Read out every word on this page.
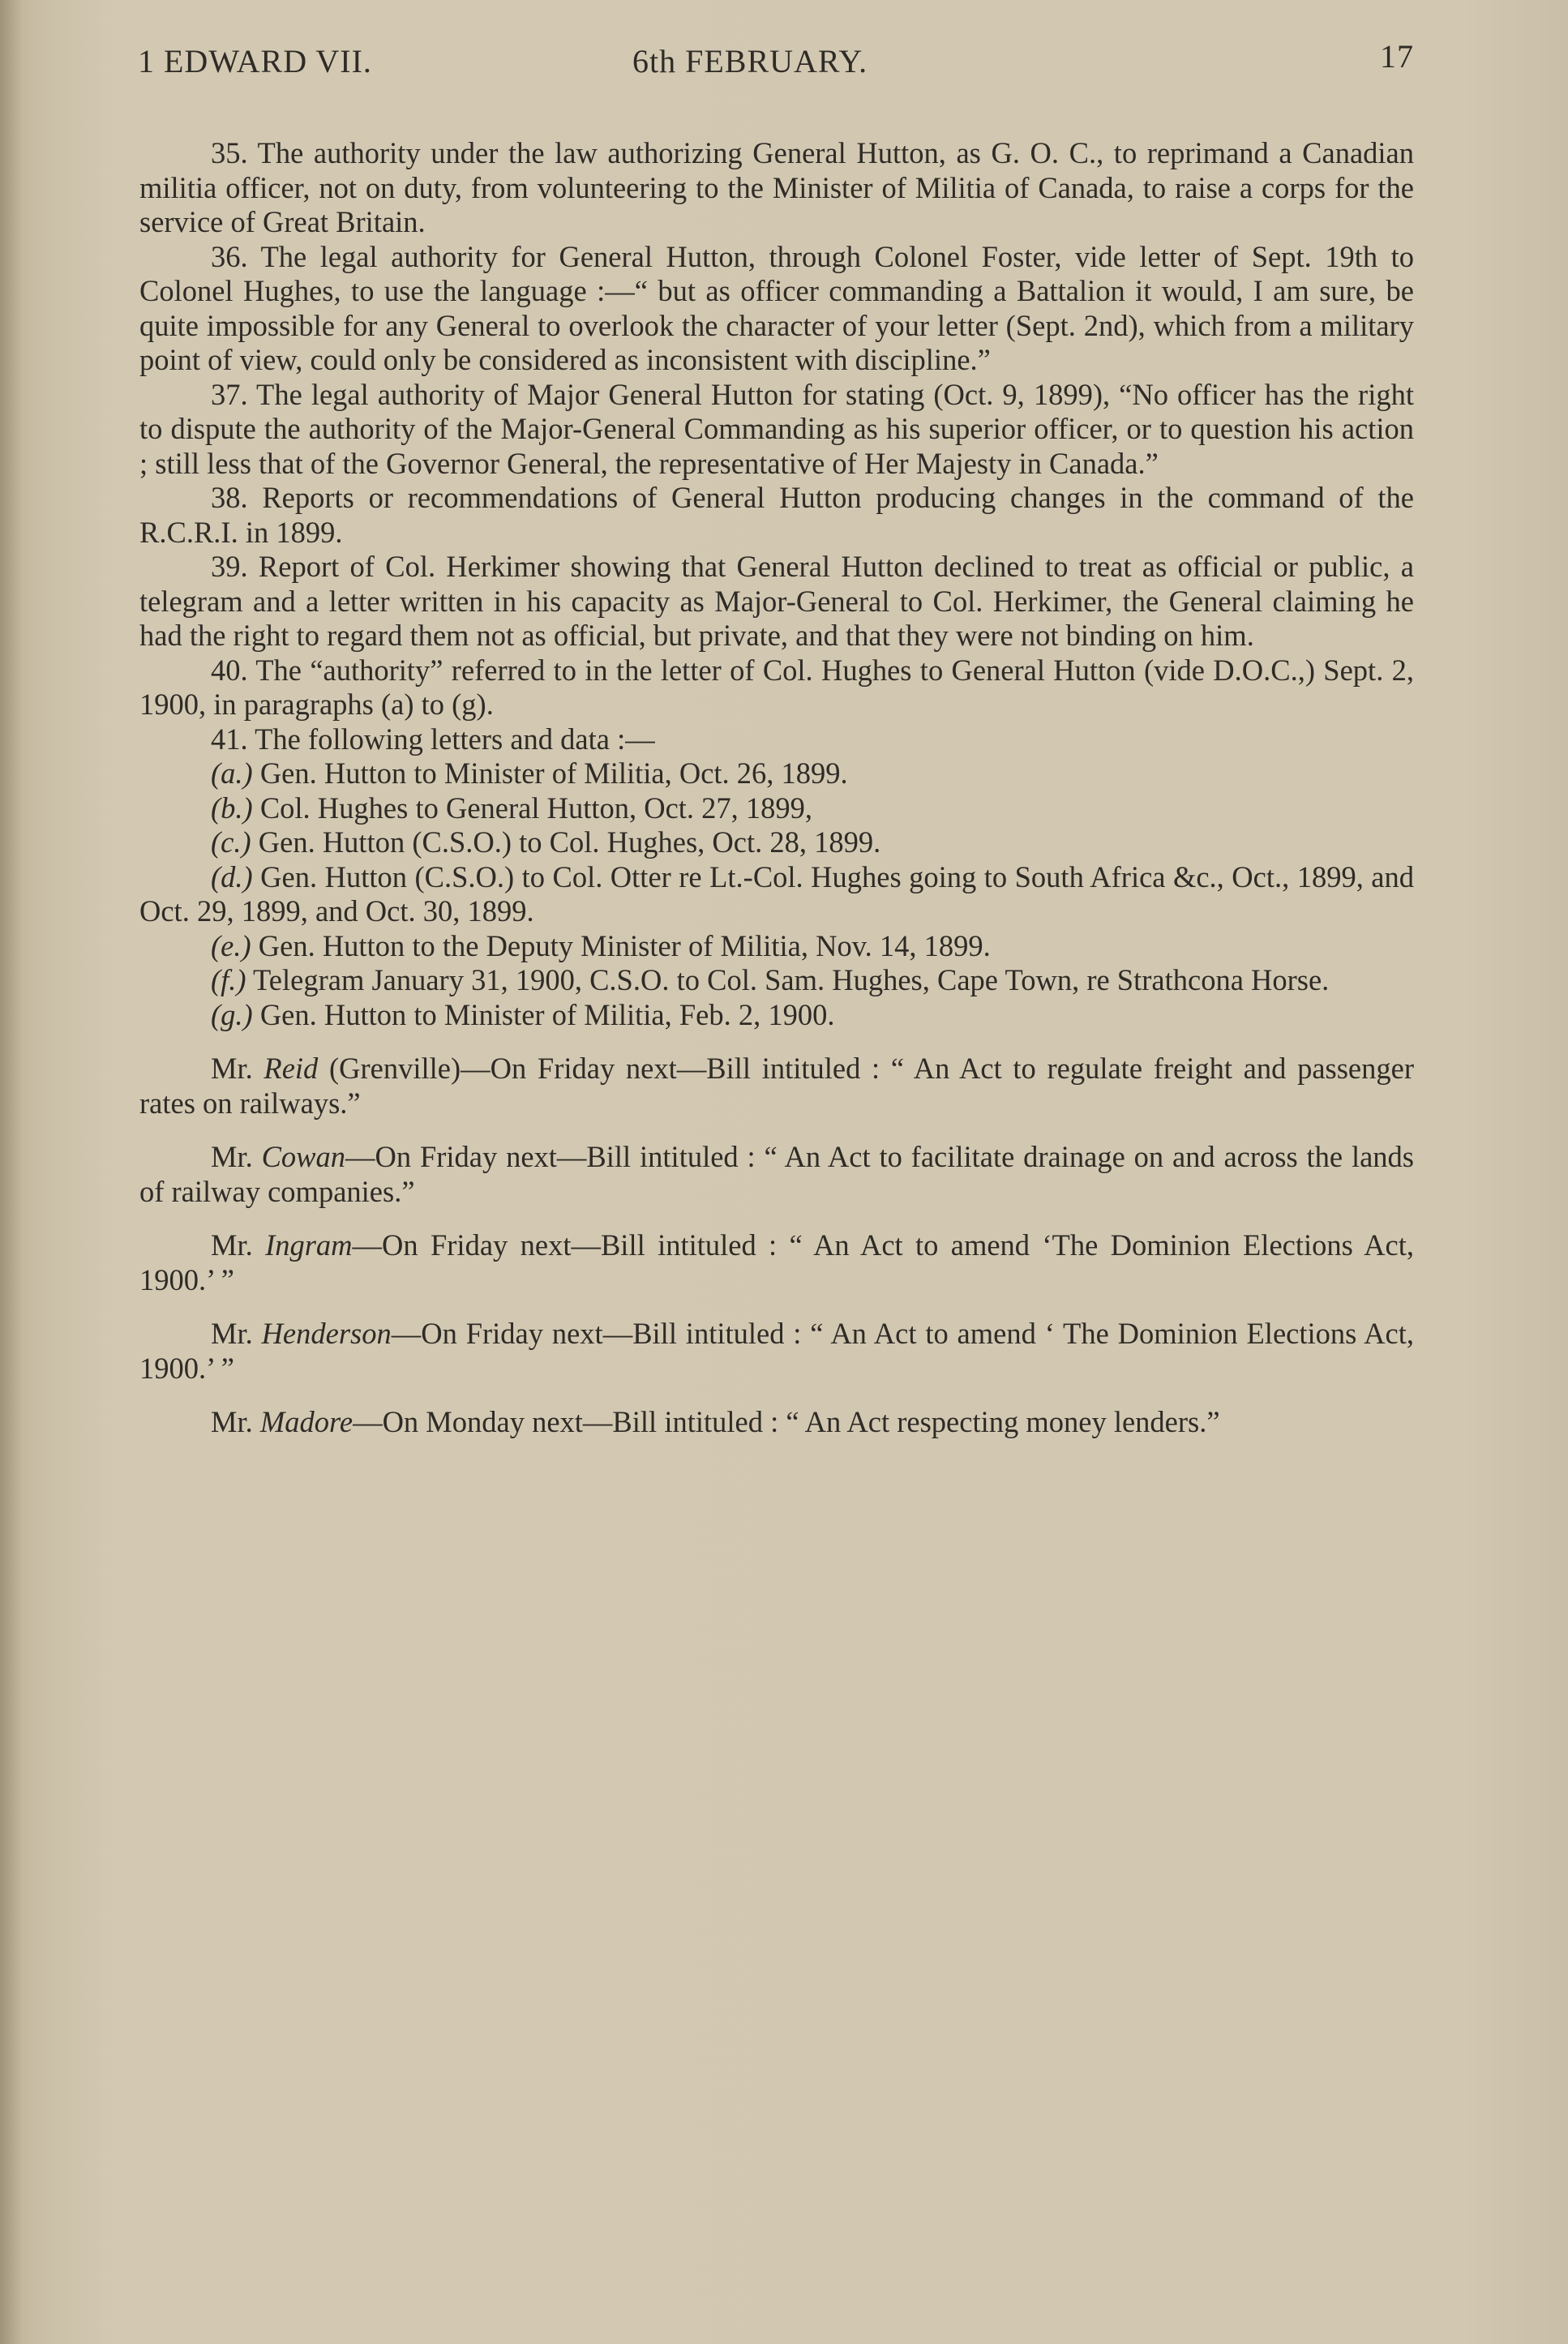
1 EDWARD VII.	6th FEBRUARY.	17

35. The authority under the law authorizing General Hutton, as G. O. C., to reprimand a Canadian militia officer, not on duty, from volunteering to the Minister of Militia of Canada, to raise a corps for the service of Great Britain.

36. The legal authority for General Hutton, through Colonel Foster, vide letter of Sept. 19th to Colonel Hughes, to use the language :—“ but as officer commanding a Battalion it would, I am sure, be quite impossible for any General to overlook the character of your letter (Sept. 2nd), which from a military point of view, could only be considered as inconsistent with discipline.”

37. The legal authority of Major General Hutton for stating (Oct. 9, 1899), “No officer has the right to dispute the authority of the Major-General Commanding as his superior officer, or to question his action ; still less that of the Governor General, the representative of Her Majesty in Canada.”

38. Reports or recommendations of General Hutton producing changes in the command of the R.C.R.I. in 1899.

39. Report of Col. Herkimer showing that General Hutton declined to treat as official or public, a telegram and a letter written in his capacity as Major-General to Col. Herkimer, the General claiming he had the right to regard them not as official, but private, and that they were not binding on him.

40. The “authority” referred to in the letter of Col. Hughes to General Hutton (vide D.O.C.,) Sept. 2, 1900, in paragraphs (a) to (g).

41. The following letters and data :—

(a.) Gen. Hutton to Minister of Militia, Oct. 26, 1899.

(b.) Col. Hughes to General Hutton, Oct. 27, 1899,

(c.) Gen. Hutton (C.S.O.) to Col. Hughes, Oct. 28, 1899.

(d.) Gen. Hutton (C.S.O.) to Col. Otter re Lt.-Col. Hughes going to South Africa &c., Oct., 1899, and Oct. 29, 1899, and Oct. 30, 1899.

(e.) Gen. Hutton to the Deputy Minister of Militia, Nov. 14, 1899.

(f.) Telegram January 31, 1900, C.S.O. to Col. Sam. Hughes, Cape Town, re Strathcona Horse.

(g.) Gen. Hutton to Minister of Militia, Feb. 2, 1900.

Mr. Reid (Grenville)—On Friday next—Bill intituled : “ An Act to regulate freight and passenger rates on railways.”

Mr. Cowan—On Friday next—Bill intituled : “ An Act to facilitate drainage on and across the lands of railway companies.”

Mr. Ingram—On Friday next—Bill intituled : “ An Act to amend ‘The Dominion Elections Act, 1900.’ ”

Mr. Henderson—On Friday next—Bill intituled : “ An Act to amend ‘ The Dominion Elections Act, 1900.’ ”

Mr. Madore—On Monday next—Bill intituled : “ An Act respecting money lenders.”
